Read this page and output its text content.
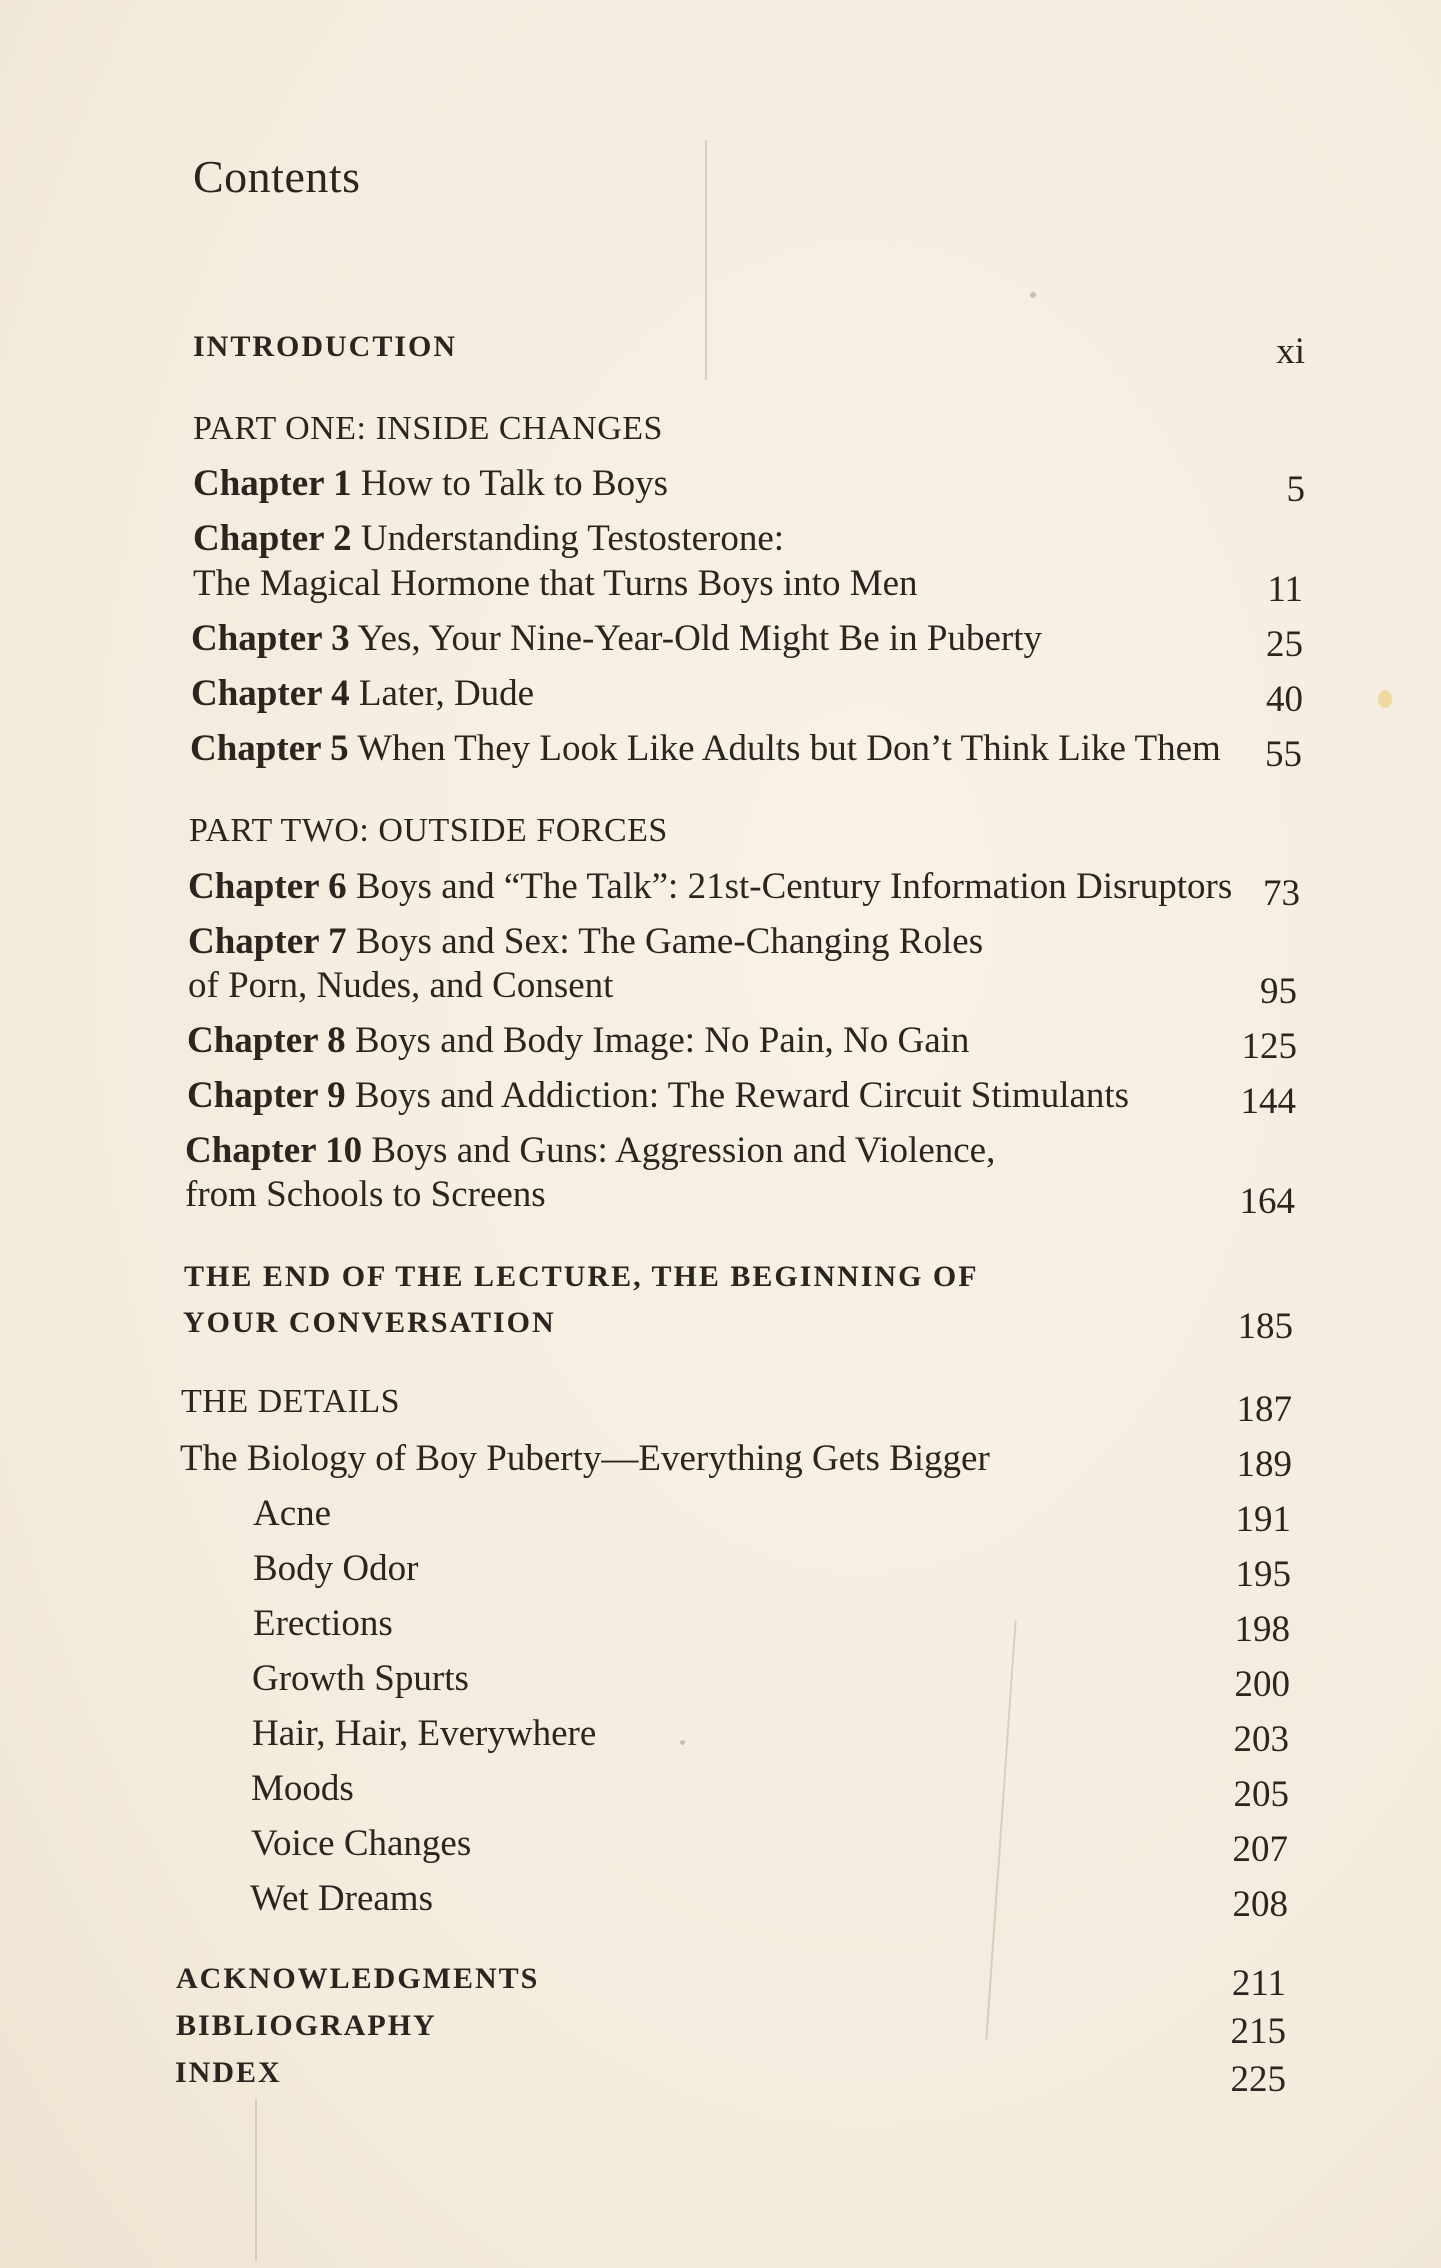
Contents
INTRODUCTION	xi
PART ONE: INSIDE CHANGES
Chapter 1 How to Talk to Boys	5
Chapter 2 Understanding Testosterone:
The Magical Hormone that Turns Boys into Men	11
Chapter 3 Yes, Your Nine-Year-Old Might Be in Puberty	25
Chapter 4 Later, Dude	40
Chapter 5 When They Look Like Adults but Don’t Think Like Them	55
PART TWO: OUTSIDE FORCES
Chapter 6 Boys and “The Talk”: 21st-Century Information Disruptors 73
Chapter 7 Boys and Sex: The Game-Changing Roles
of Porn, Nudes, and Consent	95
Chapter 8 Boys and Body Image: No Pain, No Gain	125
Chapter 9 Boys and Addiction: The Reward Circuit Stimulants	144
Chapter 10 Boys and Guns: Aggression and Violence,
from Schools to Screens	164
THE END OF THE LECTURE, THE BEGINNING OF
YOUR CONVERSATION	185
THE DETAILS	187
The Biology of Boy Puberty—Everything Gets Bigger	189
Acne	191
Body Odor	195
Erections	198
Growth Spurts	200
Hair, Hair, Everywhere	203
Moods	205
Voice Changes	207
Wet Dreams	208
ACKNOWLEDGMENTS	211
BIBLIOGRAPHY	215
INDEX	225
